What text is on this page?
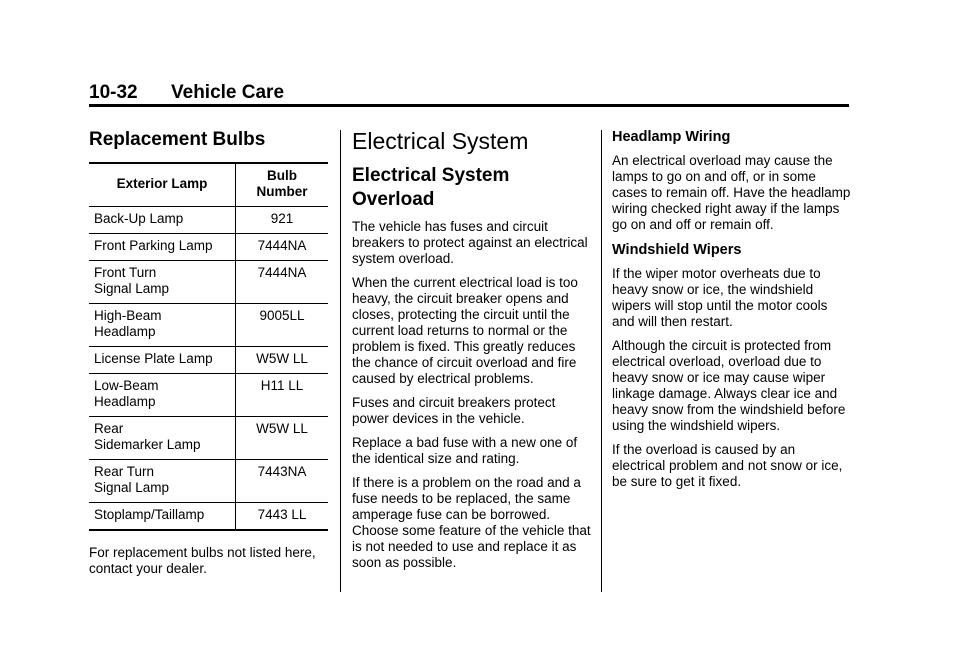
10-32 Vehicle Care
Replacement Bulbs
Exterior Lamp	Bulb
Number
Back-Up Lamp	921
Front Parking Lamp	7444NA
Front Turn
Signal Lamp	7444NA
High-Beam
Headlamp	9005LL
License Plate Lamp	W5W LL
Low-Beam
Headlamp	H11 LL
Rear
Sidemarker Lamp	W5W LL
Rear Turn
Signal Lamp	7443NA
Stoplamp/Taillamp	7443 LL

For replacement bulbs not listed here, contact your dealer.

Electrical System
Electrical System Overload

The vehicle has fuses and circuit breakers to protect against an electrical system overload.

When the current electrical load is too heavy, the circuit breaker opens and closes, protecting the circuit until the current load returns to normal or the problem is fixed. This greatly reduces the chance of circuit overload and fire caused by electrical problems.

Fuses and circuit breakers protect power devices in the vehicle.

Replace a bad fuse with a new one of the identical size and rating.

If there is a problem on the road and a fuse needs to be replaced, the same amperage fuse can be borrowed. Choose some feature of the vehicle that is not needed to use and replace it as soon as possible.

Headlamp Wiring

An electrical overload may cause the lamps to go on and off, or in some cases to remain off. Have the headlamp wiring checked right away if the lamps go on and off or remain off.

Windshield Wipers

If the wiper motor overheats due to heavy snow or ice, the windshield wipers will stop until the motor cools and will then restart.

Although the circuit is protected from electrical overload, overload due to heavy snow or ice may cause wiper linkage damage. Always clear ice and heavy snow from the windshield before using the windshield wipers.

If the overload is caused by an electrical problem and not snow or ice, be sure to get it fixed.
